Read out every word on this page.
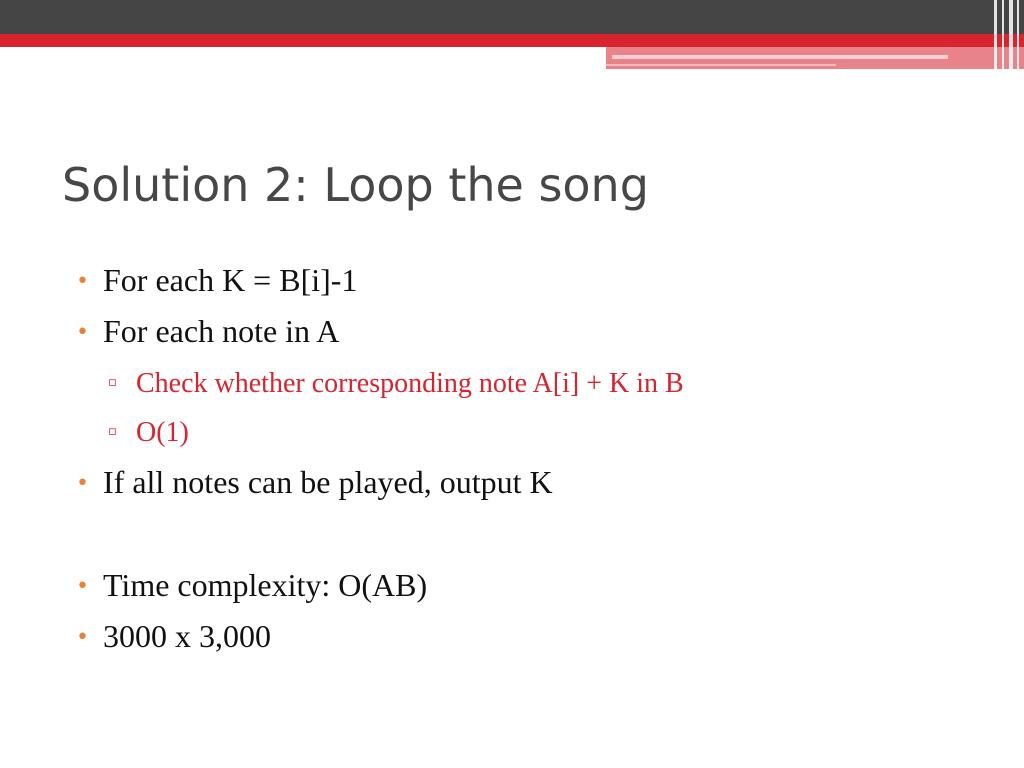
Solution 2: Loop the song
• For each K = B[i]-1
• For each note in A
▫ Check whether corresponding note A[i] + K in B
▫ O(1)
• If all notes can be played, output K
• Time complexity: O(AB)
• 3000 x 3,000
